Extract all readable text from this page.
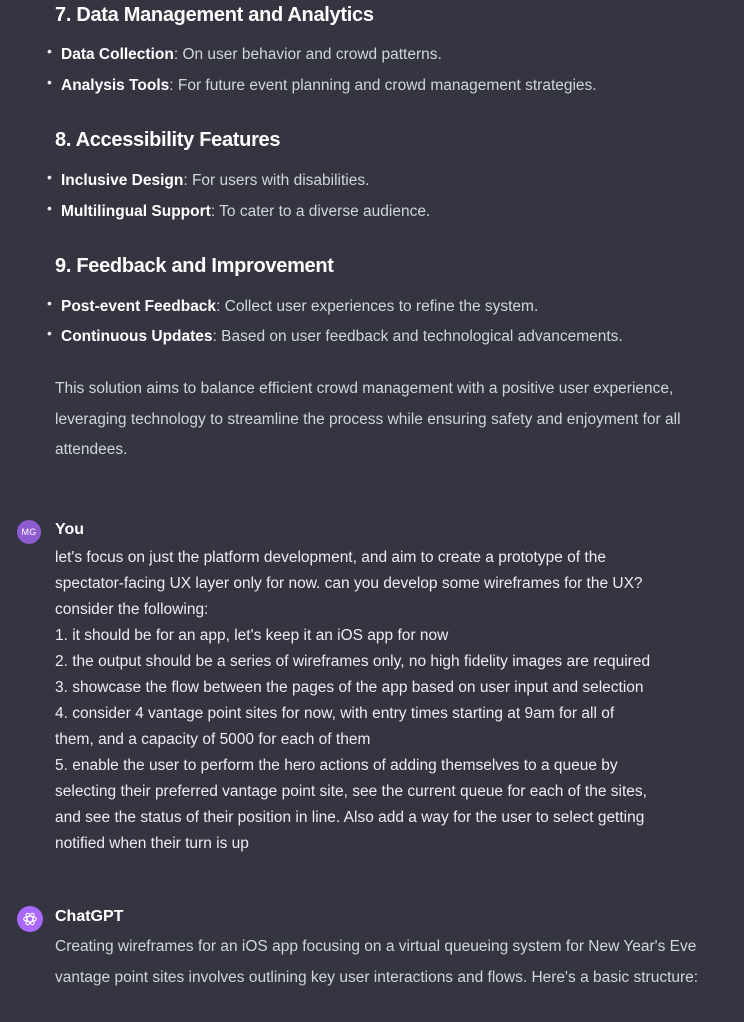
7. Data Management and Analytics
• Data Collection : On user behavior and crowd patterns.
• Analysis Tools : For future event planning and crowd management strategies.
8. Accessibility Features
• Inclusive Design : For users with disabilities.
• Multilingual Support : To cater to a diverse audience.
9. Feedback and Improvement
• Post-event Feedback : Collect user experiences to refine the system.
• Continuous Updates : Based on user feedback and technological advancements.
This solution aims to balance efficient crowd management with a positive user experience, leveraging technology to streamline the process while ensuring safety and enjoyment for all attendees.
MG You
let's focus on just the platform development, and aim to create a prototype of the
spectator-facing UX layer only for now. can you develop some wireframes for the UX?
consider the following:
1. it should be for an app, let's keep it an iOS app for now
2. the output should be a series of wireframes only, no high fidelity images are required
3. showcase the flow between the pages of the app based on user input and selection
4. consider 4 vantage point sites for now, with entry times starting at 9am for all of
them, and a capacity of 5000 for each of them
5. enable the user to perform the hero actions of adding themselves to a queue by
selecting their preferred vantage point site, see the current queue for each of the sites,
and see the status of their position in line. Also add a way for the user to select getting
notified when their turn is up
ChatGPT
Creating wireframes for an iOS app focusing on a virtual queueing system for New Year's Eve vantage point sites involves outlining key user interactions and flows. Here's a basic structure:
